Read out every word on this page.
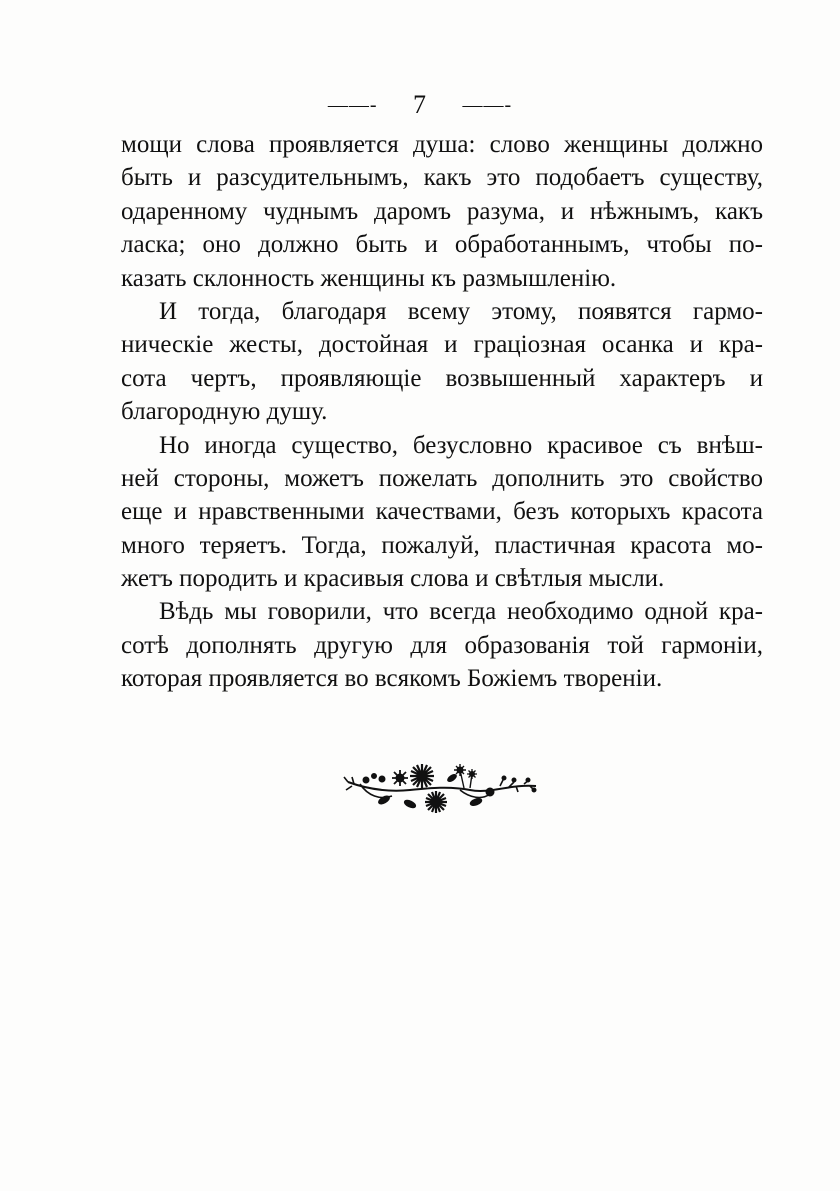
——- 7 ——-
мощи слова проявляется душа: слово женщины должно
быть и разсудительнымъ, какъ это подобаетъ существу,
одаренному чуднымъ даромъ разума, и нѣжнымъ, какъ
ласка; оно должно быть и обработаннымъ, чтобы по-
казать склонность женщины къ размышленію.
И тогда, благодаря всему этому, появятся гармо-
ническіе жесты, достойная и граціозная осанка и кра-
сота чертъ, проявляющіе возвышенный характеръ и
благородную душу.
Но иногда существо, безусловно красивое съ внѣш-
ней стороны, можетъ пожелать дополнить это свойство
еще и нравственными качествами, безъ которыхъ красота
много теряетъ. Тогда, пожалуй, пластичная красота мо-
жетъ породить и красивыя слова и свѣтлыя мысли.
Вѣдь мы говорили, что всегда необходимо одной кра-
сотѣ дополнять другую для образованія той гармоніи,
которая проявляется во всякомъ Божіемъ твореніи.
